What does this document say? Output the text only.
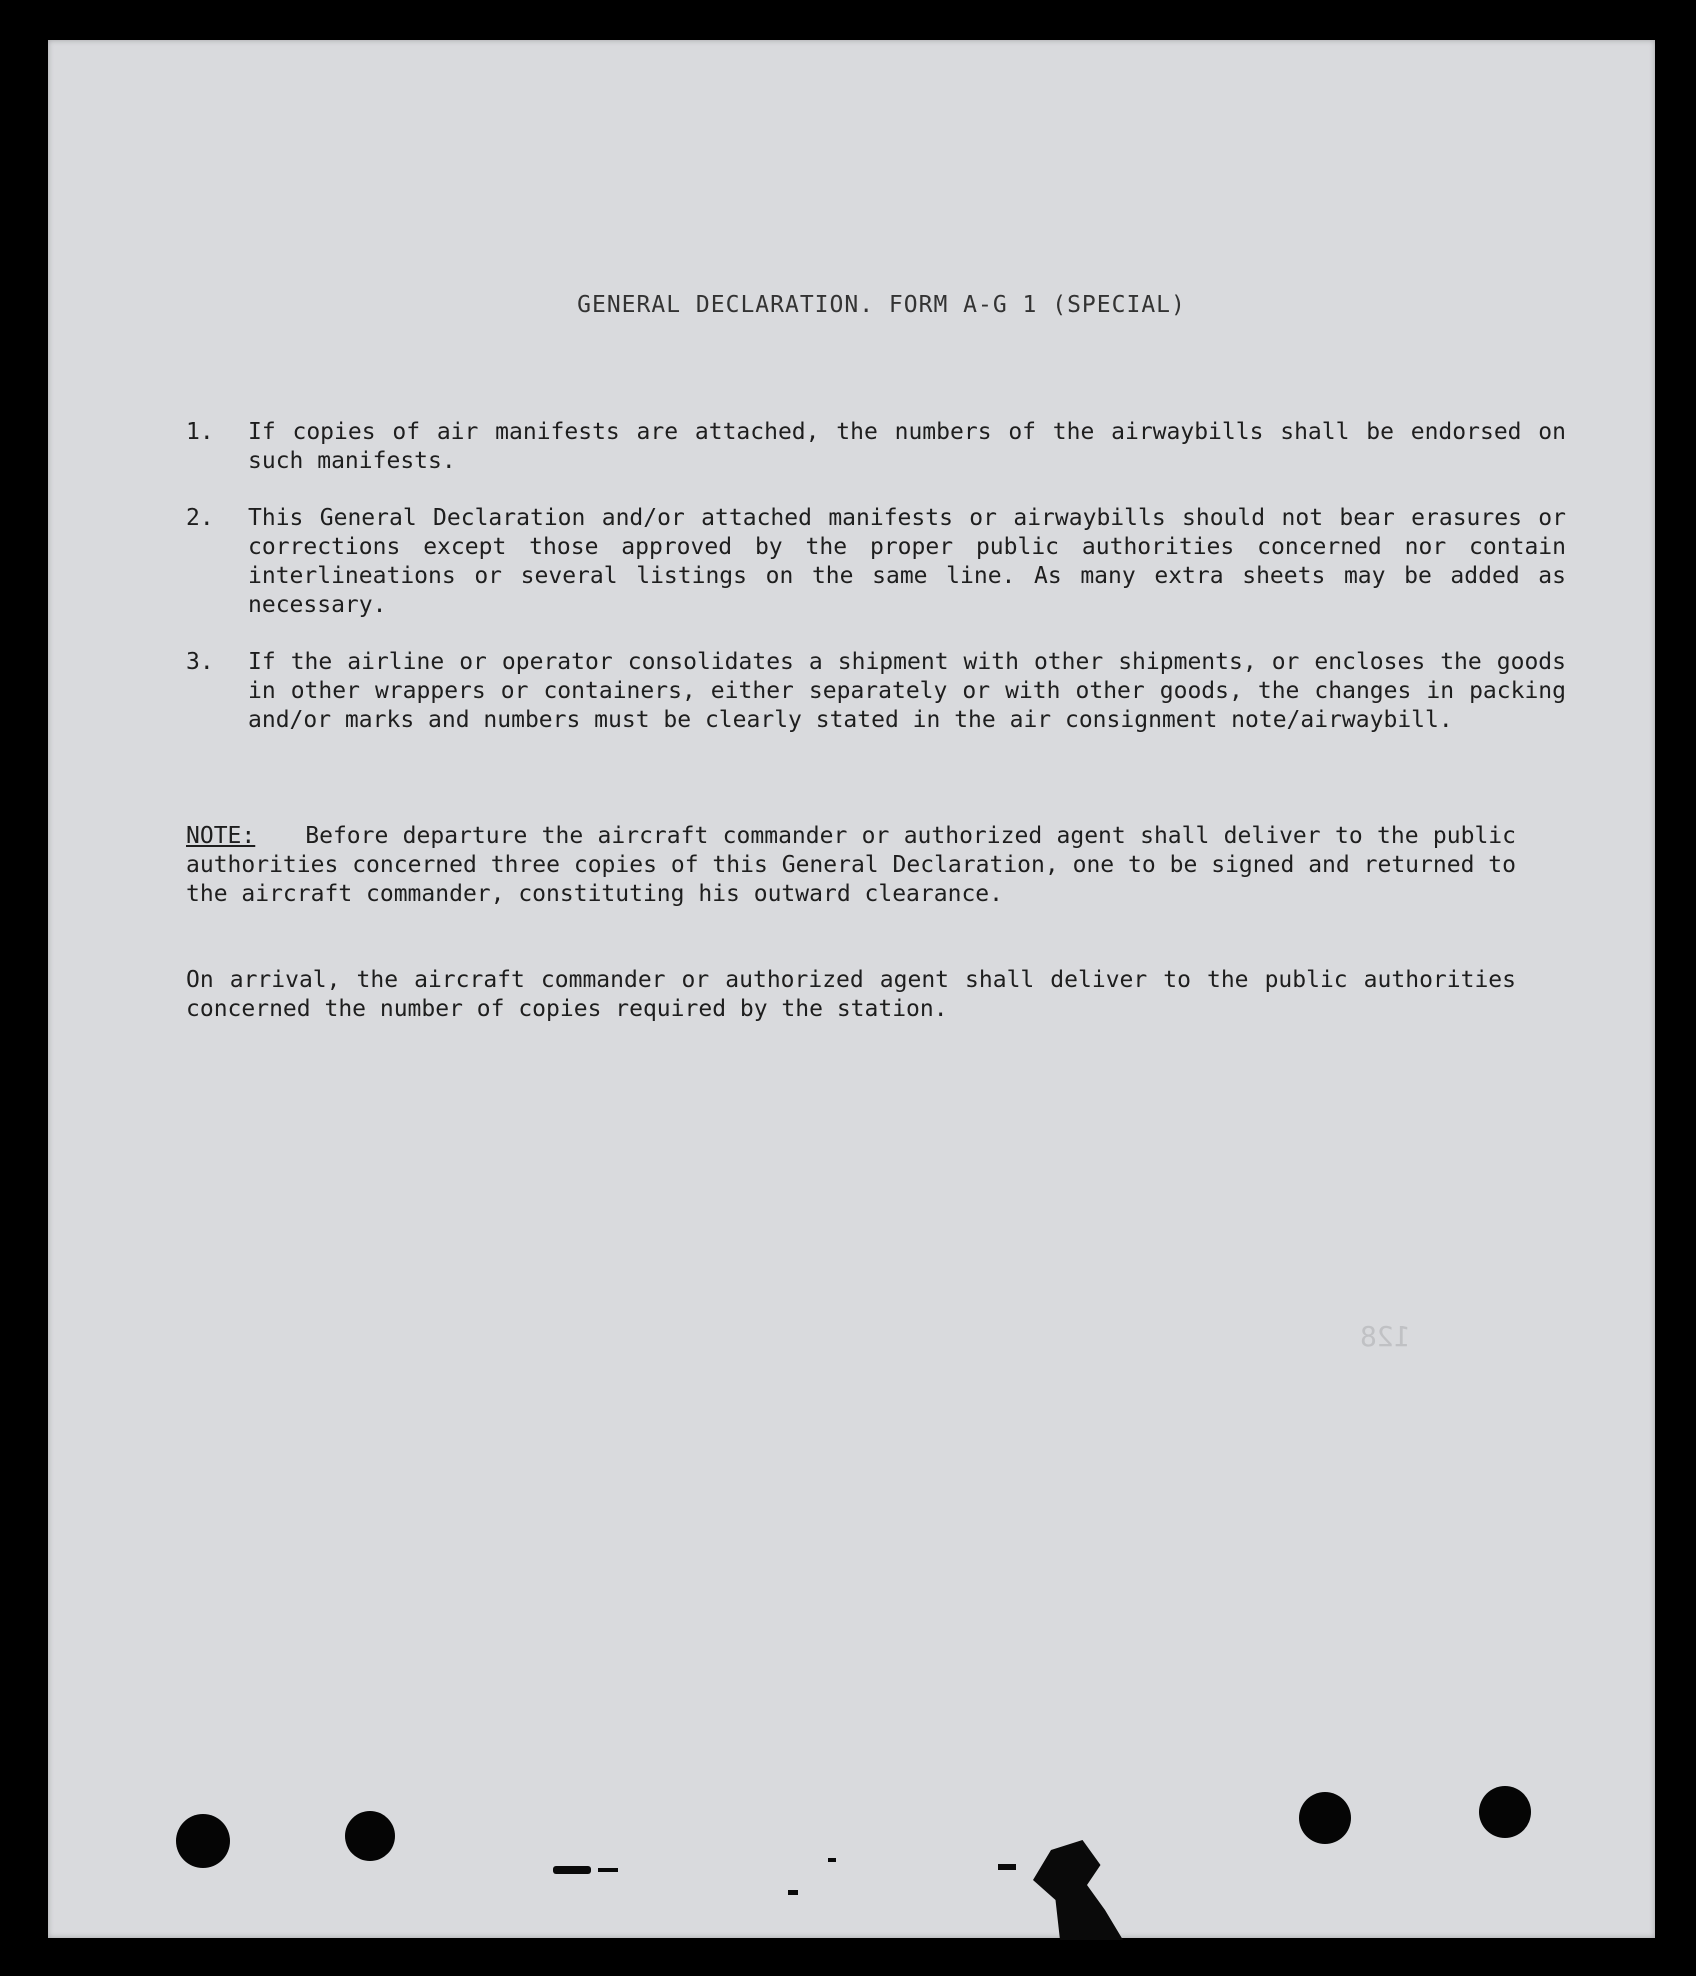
GENERAL DECLARATION. FORM A-G 1 (SPECIAL)
1.	If copies of air manifests are attached, the numbers of the airwaybills shall be endorsed on such manifests.
2.	This General Declaration and/or attached manifests or airwaybills should not bear erasures or corrections except those approved by the proper public authorities concerned nor contain interlineations or several listings on the same line. As many extra sheets may be added as necessary.
3.	If the airline or operator consolidates a shipment with other shipments, or encloses the goods in other wrappers or containers, either separately or with other goods, the changes in packing and/or marks and numbers must be clearly stated in the air consignment note/airwaybill.
NOTE: Before departure the aircraft commander or authorized agent shall deliver to the public authorities concerned three copies of this General Declaration, one to be signed and returned to the aircraft commander, constituting his outward clearance.
On arrival, the aircraft commander or authorized agent shall deliver to the public authorities concerned the number of copies required by the station.
128
